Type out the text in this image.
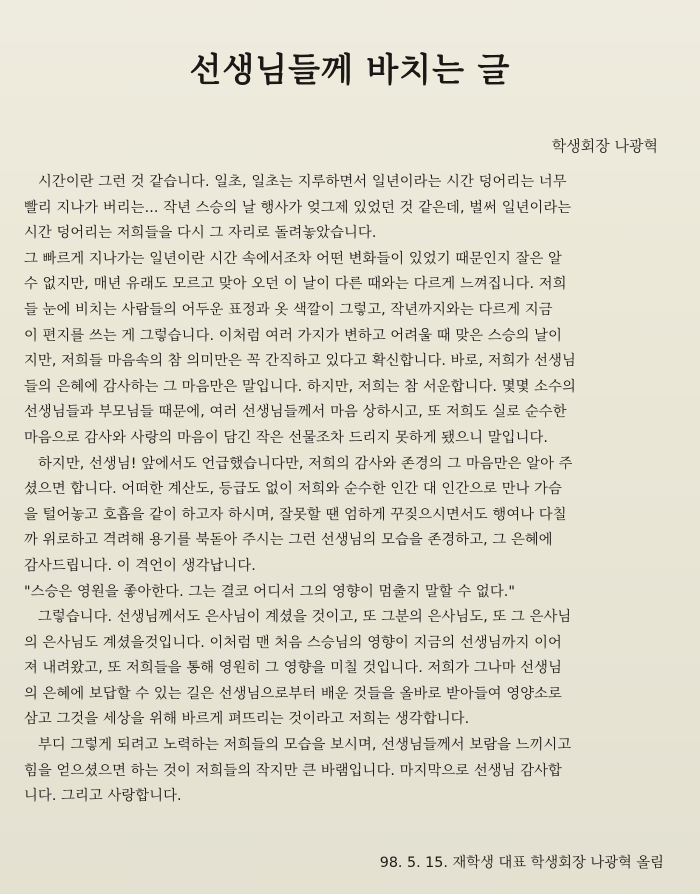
선생님들께 바치는 글

학생회장 나광혁

시간이란 그런 것 같습니다. 일초, 일초는 지루하면서 일년이라는 시간 덩어리는 너무
빨리 지나가 버리는... 작년 스승의 날 행사가 엊그제 있었던 것 같은데, 벌써 일년이라는
시간 덩어리는 저희들을 다시 그 자리로 돌려놓았습니다.
그 빠르게 지나가는 일년이란 시간 속에서조차 어떤 변화들이 있었기 때문인지 잘은 알
수 없지만, 매년 유래도 모르고 맞아 오던 이 날이 다른 때와는 다르게 느껴집니다. 저희
들 눈에 비치는 사람들의 어두운 표정과 옷 색깔이 그렇고, 작년까지와는 다르게 지금
이 편지를 쓰는 게 그렇습니다. 이처럼 여러 가지가 변하고 어려울 때 맞은 스승의 날이
지만, 저희들 마음속의 참 의미만은 꼭 간직하고 있다고 확신합니다. 바로, 저희가 선생님
들의 은혜에 감사하는 그 마음만은 말입니다. 하지만, 저희는 참 서운합니다. 몇몇 소수의
선생님들과 부모님들 때문에, 여러 선생님들께서 마음 상하시고, 또 저희도 실로 순수한
마음으로 감사와 사랑의 마음이 담긴 작은 선물조차 드리지 못하게 됐으니 말입니다.
하지만, 선생님! 앞에서도 언급했습니다만, 저희의 감사와 존경의 그 마음만은 알아 주
셨으면 합니다. 어떠한 계산도, 등급도 없이 저희와 순수한 인간 대 인간으로 만나 가슴
을 털어놓고 호흡을 같이 하고자 하시며, 잘못할 땐 엄하게 꾸짖으시면서도 행여나 다칠
까 위로하고 격려해 용기를 북돋아 주시는 그런 선생님의 모습을 존경하고, 그 은혜에
감사드립니다. 이 격언이 생각납니다.
"스승은 영원을 좋아한다. 그는 결코 어디서 그의 영향이 멈출지 말할 수 없다."
그렇습니다. 선생님께서도 은사님이 계셨을 것이고, 또 그분의 은사님도, 또 그 은사님
의 은사님도 계셨을것입니다. 이처럼 맨 처음 스승님의 영향이 지금의 선생님까지 이어
져 내려왔고, 또 저희들을 통해 영원히 그 영향을 미칠 것입니다. 저희가 그나마 선생님
의 은혜에 보답할 수 있는 길은 선생님으로부터 배운 것들을 올바로 받아들여 영양소로
삼고 그것을 세상을 위해 바르게 펴뜨리는 것이라고 저희는 생각합니다.
부디 그렇게 되려고 노력하는 저희들의 모습을 보시며, 선생님들께서 보람을 느끼시고
힘을 얻으셨으면 하는 것이 저희들의 작지만 큰 바램입니다. 마지막으로 선생님 감사합
니다. 그리고 사랑합니다.

98. 5. 15. 재학생 대표 학생회장 나광혁 올림
